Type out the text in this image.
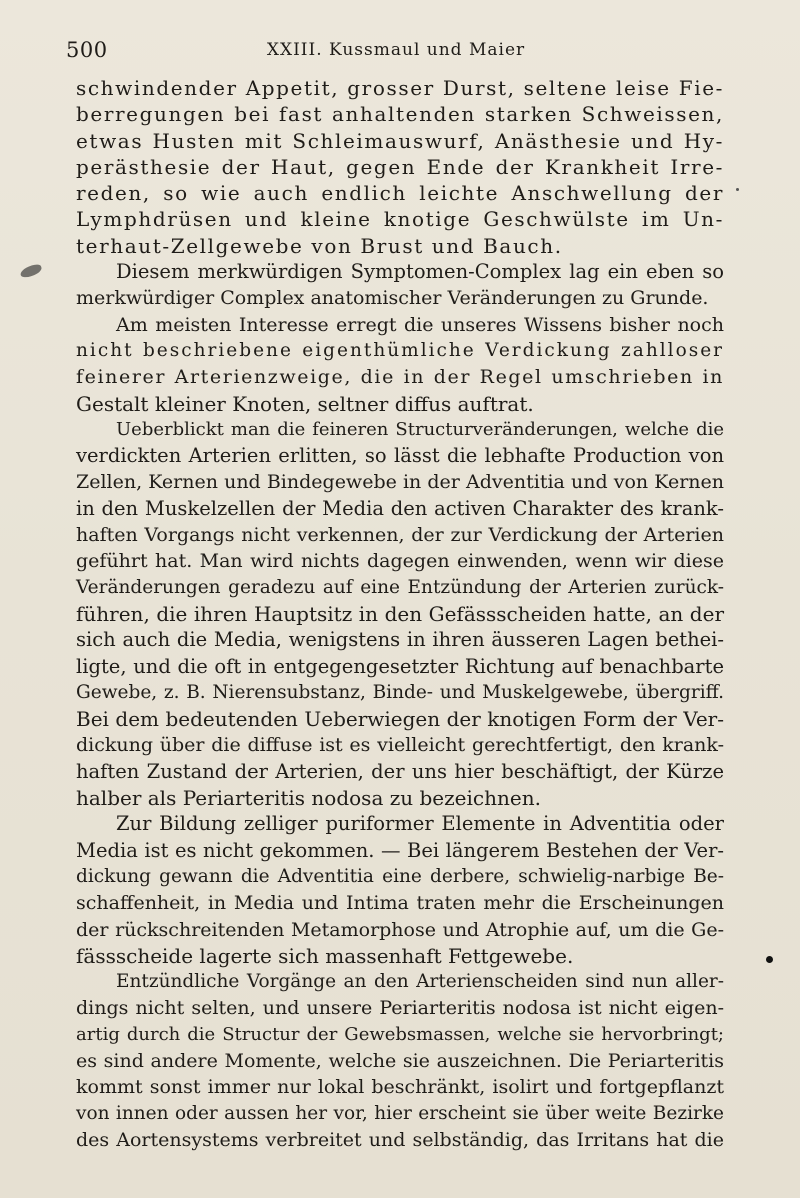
500	XXIII. Kussmaul und Maier
schwindender Appetit, grosser Durst, seltene leise Fie-
berregungen bei fast anhaltenden starken Schweissen,
etwas Husten mit Schleimauswurf, Anästhesie und Hy-
perästhesie der Haut, gegen Ende der Krankheit Irre-
reden, so wie auch endlich leichte Anschwellung der
Lymphdrüsen und kleine knotige Geschwülste im Un-
terhaut-Zellgewebe von Brust und Bauch.
Diesem merkwürdigen Symptomen-Complex lag ein eben so
merkwürdiger Complex anatomischer Veränderungen zu Grunde.
Am meisten Interesse erregt die unseres Wissens bisher noch
nicht beschriebene eigenthümliche Verdickung zahlloser
feinerer Arterienzweige, die in der Regel umschrieben in
Gestalt kleiner Knoten, seltner diffus auftrat.
Ueberblickt man die feineren Structurveränderungen, welche die
verdickten Arterien erlitten, so lässt die lebhafte Production von
Zellen, Kernen und Bindegewebe in der Adventitia und von Kernen
in den Muskelzellen der Media den activen Charakter des krank-
haften Vorgangs nicht verkennen, der zur Verdickung der Arterien
geführt hat. Man wird nichts dagegen einwenden, wenn wir diese
Veränderungen geradezu auf eine Entzündung der Arterien zurück-
führen, die ihren Hauptsitz in den Gefässscheiden hatte, an der
sich auch die Media, wenigstens in ihren äusseren Lagen bethei-
ligte, und die oft in entgegengesetzter Richtung auf benachbarte
Gewebe, z. B. Nierensubstanz, Binde- und Muskelgewebe, übergriff.
Bei dem bedeutenden Ueberwiegen der knotigen Form der Ver-
dickung über die diffuse ist es vielleicht gerechtfertigt, den krank-
haften Zustand der Arterien, der uns hier beschäftigt, der Kürze
halber als Periarteritis nodosa zu bezeichnen.
Zur Bildung zelliger puriformer Elemente in Adventitia oder
Media ist es nicht gekommen. — Bei längerem Bestehen der Ver-
dickung gewann die Adventitia eine derbere, schwielig-narbige Be-
schaffenheit, in Media und Intima traten mehr die Erscheinungen
der rückschreitenden Metamorphose und Atrophie auf, um die Ge-
fässscheide lagerte sich massenhaft Fettgewebe.
Entzündliche Vorgänge an den Arterienscheiden sind nun aller-
dings nicht selten, und unsere Periarteritis nodosa ist nicht eigen-
artig durch die Structur der Gewebsmassen, welche sie hervorbringt;
es sind andere Momente, welche sie auszeichnen. Die Periarteritis
kommt sonst immer nur lokal beschränkt, isolirt und fortgepflanzt
von innen oder aussen her vor, hier erscheint sie über weite Bezirke
des Aortensystems verbreitet und selbständig, das Irritans hat die
